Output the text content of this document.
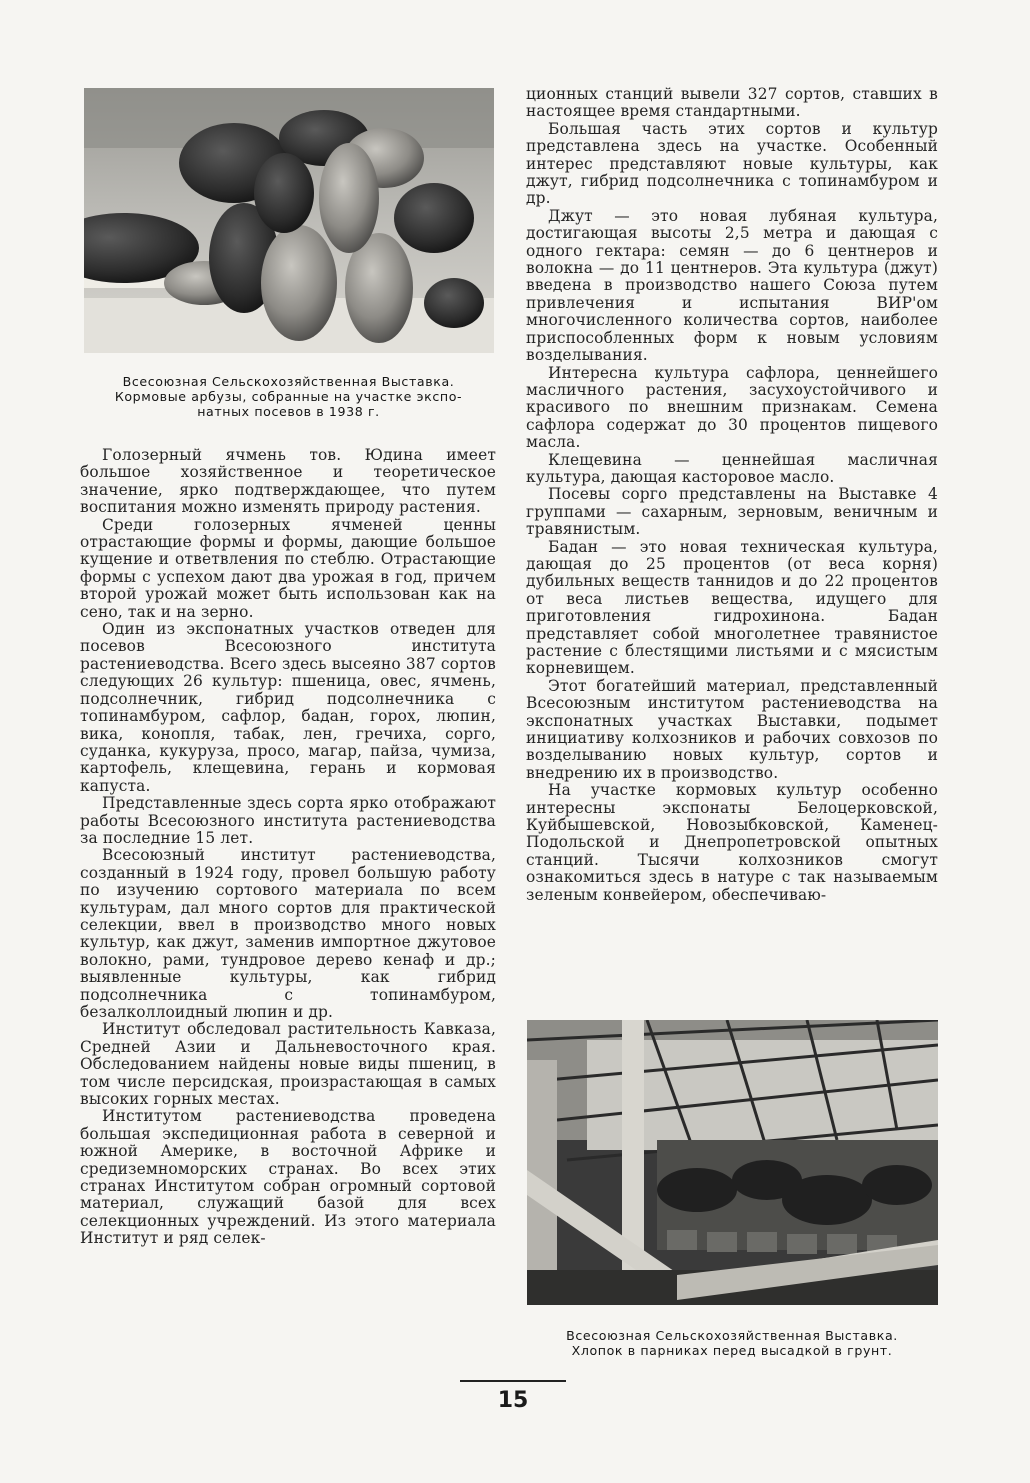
Всесоюзная Сельскохозяйственная Выставка.
Кормовые арбузы, собранные на участке экспо-
натных посевов в 1938 г.

Голозерный ячмень тов. Юдина имеет большое хозяйственное и теоретическое значение, ярко подтверждающее, что путем воспитания можно изменять природу растения.

Среди голозерных ячменей ценны отрастающие формы и формы, дающие большое кущение и ответвления по стеблю. Отрастающие формы с успехом дают два урожая в год, причем второй урожай может быть использован как на сено, так и на зерно.

Один из экспонатных участков отведен для посевов Всесоюзного института растениеводства. Всего здесь высеяно 387 сортов следующих 26 культур: пшеница, овес, ячмень, подсолнечник, гибрид подсолнечника с топинамбуром, сафлор, бадан, горох, люпин, вика, конопля, табак, лен, гречиха, сорго, суданка, кукуруза, просо, магар, пайза, чумиза, картофель, клещевина, герань и кормовая капуста.

Представленные здесь сорта ярко отображают работы Всесоюзного института растениеводства за последние 15 лет.

Всесоюзный институт растениеводства, созданный в 1924 году, провел большую работу по изучению сортового материала по всем культурам, дал много сортов для практической селекции, ввел в производство много новых культур, как джут, заменив импортное джутовое волокно, рами, тундровое дерево кенаф и др.; выявленные культуры, как гибрид подсолнечника с топинамбуром, безалколлоидный люпин и др.

Институт обследовал растительность Кавказа, Средней Азии и Дальневосточного края. Обследованием найдены новые виды пшениц, в том числе персидская, произрастающая в самых высоких горных местах.

Институтом растениеводства проведена большая экспедиционная работа в северной и южной Америке, в восточной Африке и средиземноморских странах. Во всех этих странах Институтом собран огромный сортовой материал, служащий базой для всех селекционных учреждений. Из этого материала Институт и ряд селек-

ционных станций вывели 327 сортов, ставших в настоящее время стандартными.

Большая часть этих сортов и культур представлена здесь на участке. Особенный интерес представляют новые культуры, как джут, гибрид подсолнечника с топинамбуром и др.

Джут — это новая лубяная культура, достигающая высоты 2,5 метра и дающая с одного гектара: семян — до 6 центнеров и волокна — до 11 центнеров. Эта культура (джут) введена в производство нашего Союза путем привлечения и испытания ВИР'ом многочисленного количества сортов, наиболее приспособленных форм к новым условиям возделывания.

Интересна культура сафлора, ценнейшего масличного растения, засухоустойчивого и красивого по внешним признакам. Семена сафлора содержат до 30 процентов пищевого масла.

Клещевина — ценнейшая масличная культура, дающая касторовое масло.

Посевы сорго представлены на Выставке 4 группами — сахарным, зерновым, веничным и травянистым.

Бадан — это новая техническая культура, дающая до 25 процентов (от веса корня) дубильных веществ таннидов и до 22 процентов от веса листьев вещества, идущего для приготовления гидрохинона. Бадан представляет собой многолетнее травянистое растение с блестящими листьями и с мясистым корневищем.

Этот богатейший материал, представленный Всесоюзным институтом растениеводства на экспонатных участках Выставки, подымет инициативу колхозников и рабочих совхозов по возделыванию новых культур, сортов и внедрению их в производство.

На участке кормовых культур особенно интересны экспонаты Белоцерковской, Куйбышевской, Новозыбковской, Каменец-Подольской и Днепропетровской опытных станций. Тысячи колхозников смогут ознакомиться здесь в натуре с так называемым зеленым конвейером, обеспечиваю-

Всесоюзная Сельскохозяйственная Выставка.
Хлопок в парниках перед высадкой в грунт.
15
